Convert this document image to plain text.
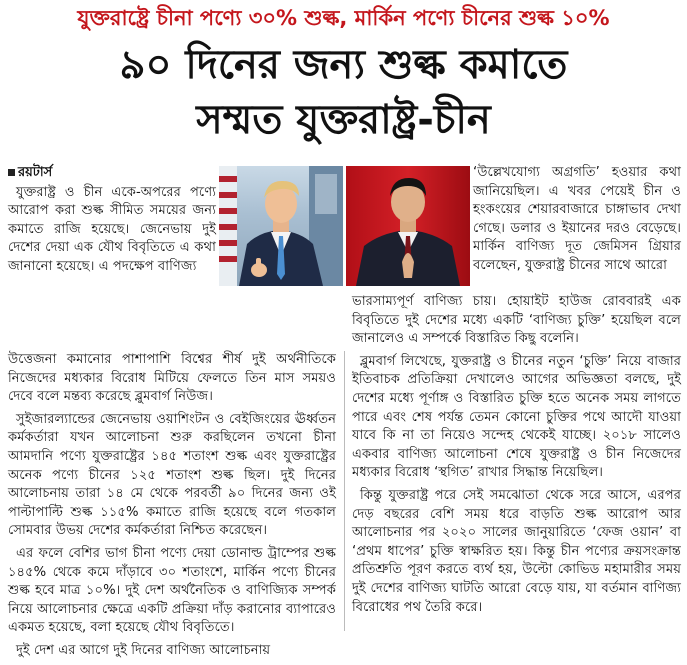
যুক্তরাষ্ট্রে চীনা পণ্যে ৩০% শুল্ক, মার্কিন পণ্যে চীনের শুল্ক ১০%
৯০ দিনের জন্য শুল্ক কমাতে
সম্মত যুক্তরাষ্ট্র-চীন
রয়টার্স

যুক্তরাষ্ট্র ও চীন একে-অপরের পণ্যে আরোপ করা শুল্ক সীমিত সময়ের জন্য কমাতে রাজি হয়েছে। জেনেভায় দুই দেশের দেয়া এক যৌথ বিবৃতিতে এ কথা জানানো হয়েছে। এ পদক্ষেপ বাণিজ্য

‘উল্লেখযোগ্য অগ্রগতি’ হওয়ার কথা জানিয়েছিল। এ খবর পেয়েই চীন ও হংকংয়ের শেয়ারবাজারে চাঙ্গাভাব দেখা গেছে। ডলার ও ইয়ানের দরও বেড়েছে। মার্কিন বাণিজ্য দূত জেমিসন গ্রিয়ার বলেছেন, যুক্তরাষ্ট্র চীনের সাথে আরো

উত্তেজনা কমানোর পাশাপাশি বিশ্বের শীর্ষ দুই অর্থনীতিকে নিজেদের মধ্যকার বিরোধ মিটিয়ে ফেলতে তিন মাস সময়ও দেবে বলে মন্তব্য করেছে ব্লুমবার্গ নিউজ।

সুইজারল্যান্ডের জেনেভায় ওয়াশিংটন ও বেইজিংয়ের ঊর্ধ্বতন কর্মকর্তারা যখন আলোচনা শুরু করছিলেন তখনো চীনা আমদানি পণ্যে যুক্তরাষ্ট্রের ১৪৫ শতাংশ শুল্ক এবং যুক্তরাষ্ট্রের অনেক পণ্যে চীনের ১২৫ শতাংশ শুল্ক ছিল। দুই দিনের আলোচনায় তারা ১৪ মে থেকে পরবর্তী ৯০ দিনের জন্য ওই পাল্টাপাল্টি শুল্ক ১১৫% কমাতে রাজি হয়েছে বলে গতকাল সোমবার উভয় দেশের কর্মকর্তারা নিশ্চিত করেছেন।

এর ফলে বেশির ভাগ চীনা পণ্যে দেয়া ডোনাল্ড ট্রাম্পের শুল্ক ১৪৫% থেকে কমে দাঁড়াবে ৩০ শতাংশে, মার্কিন পণ্যে চীনের শুল্ক হবে মাত্র ১০%। দুই দেশ অর্থনৈতিক ও বাণিজ্যিক সম্পর্ক নিয়ে আলোচনার ক্ষেত্রে একটি প্রক্রিয়া দাঁড় করানোর ব্যাপারেও একমত হয়েছে, বলা হয়েছে যৌথ বিবৃতিতে।

দুই দেশ এর আগে দুই দিনের বাণিজ্য আলোচনায়

ভারসাম্যপূর্ণ বাণিজ্য চায়। হোয়াইট হাউজ রোববারই এক বিবৃতিতে দুই দেশের মধ্যে একটি ‘বাণিজ্য চুক্তি’ হয়েছিল বলে জানালেও এ সম্পর্কে বিস্তারিত কিছু বলেনি।

ব্লুমবার্গ লিখেছে, যুক্তরাষ্ট্র ও চীনের নতুন ‘চুক্তি’ নিয়ে বাজার ইতিবাচক প্রতিক্রিয়া দেখালেও আগের অভিজ্ঞতা বলছে, দুই দেশের মধ্যে পূর্ণাঙ্গ ও বিস্তারিত চুক্তি হতে অনেক সময় লাগতে পারে এবং শেষ পর্যন্ত তেমন কোনো চুক্তির পথে আদৌ যাওয়া যাবে কি না তা নিয়েও সন্দেহ থেকেই যাচ্ছে। ২০১৮ সালেও একবার বাণিজ্য আলোচনা শেষে যুক্তরাষ্ট্র ও চীন নিজেদের মধ্যকার বিরোধ ‘স্থগিত’ রাখার সিদ্ধান্ত নিয়েছিল।

কিন্তু যুক্তরাষ্ট্র পরে সেই সমঝোতা থেকে সরে আসে, এরপর দেড় বছরের বেশি সময় ধরে বাড়তি শুল্ক আরোপ আর আলোচনার পর ২০২০ সালের জানুয়ারিতে ‘ফেজ ওয়ান’ বা ‘প্রথম ধাপের’ চুক্তি স্বাক্ষরিত হয়। কিন্তু চীন পণ্যের ক্রয়সংক্রান্ত প্রতিশ্রুতি পূরণ করতে ব্যর্থ হয়, উল্টো কোভিড মহামারীর সময় দুই দেশের বাণিজ্য ঘাটতি আরো বেড়ে যায়, যা বর্তমান বাণিজ্য বিরোধের পথ তৈরি করে।
